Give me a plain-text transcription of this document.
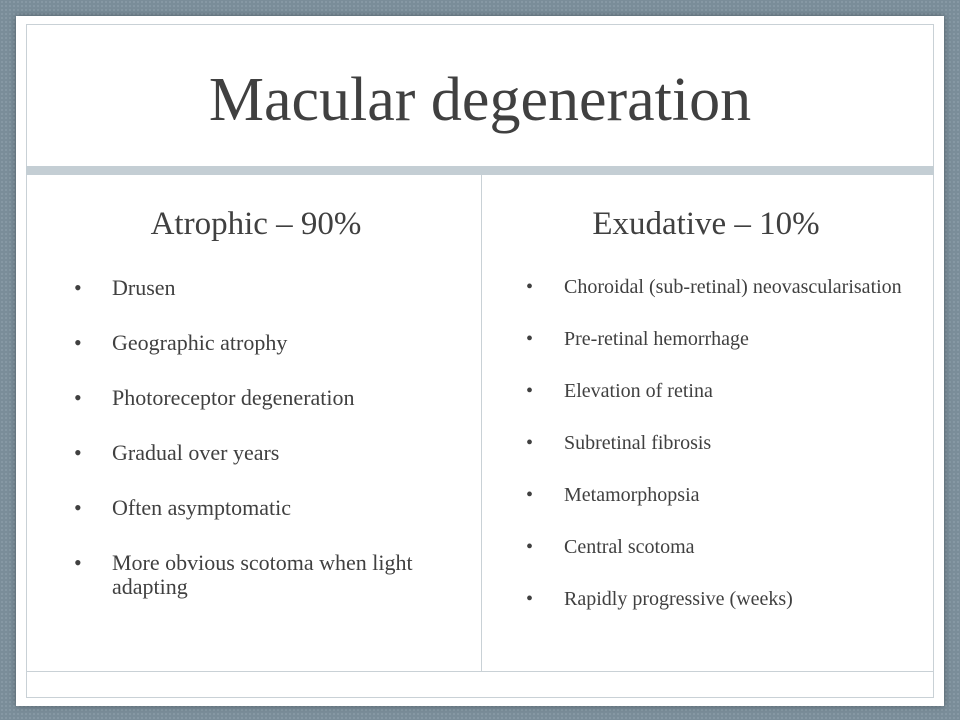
Macular degeneration
Atrophic – 90%	Exudative – 10%
• Drusen
• Geographic atrophy
• Photoreceptor degeneration
• Gradual over years
• Often asymptomatic
• More obvious scotoma when light adapting
• Choroidal (sub-retinal) neovascularisation
• Pre-retinal hemorrhage
• Elevation of retina
• Subretinal fibrosis
• Metamorphopsia
• Central scotoma
• Rapidly progressive (weeks)
